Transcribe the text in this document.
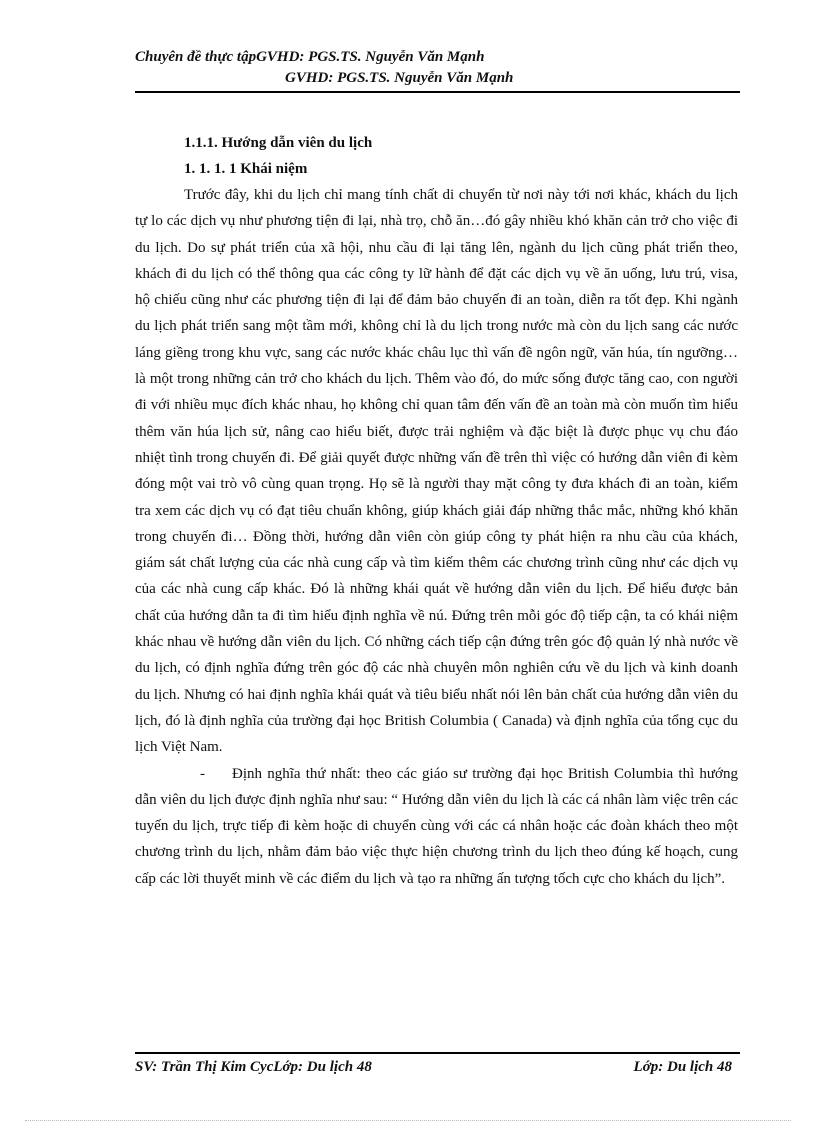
Chuyên đề thực tậpGVHD: PGS.TS. Nguyễn Văn Mạnh
GVHD: PGS.TS. Nguyễn Văn Mạnh

1.1.1. Hướng dẫn viên du lịch

1. 1. 1. 1 Khái niệm

Trước đây, khi du lịch chỉ mang tính chất di chuyển từ nơi này tới nơi khác, khách du lịch tự lo các dịch vụ như phương tiện đi lại, nhà trọ, chỗ ăn…đó gây nhiều khó khăn cản trở cho việc đi du lịch. Do sự phát triển của xã hội, nhu cầu đi lại tăng lên, ngành du lịch cũng phát triển theo, khách đi du lịch có thể thông qua các công ty lữ hành để đặt các dịch vụ về ăn uống, lưu trú, visa, hộ chiếu cũng như các phương tiện đi lại để đảm bảo chuyến đi an toàn, diễn ra tốt đẹp. Khi ngành du lịch phát triển sang một tầm mới, không chỉ là du lịch trong nước mà còn du lịch sang các nước láng giềng trong khu vực, sang các nước khác châu lục thì vấn đề ngôn ngữ, văn húa, tín ngưỡng… là một trong những cản trở cho khách du lịch. Thêm vào đó, do mức sống được tăng cao, con người đi với nhiều mục đích khác nhau, họ không chỉ quan tâm đến vấn đề an toàn mà còn muốn tìm hiểu thêm văn húa lịch sử, nâng cao hiểu biết, được trải nghiệm và đặc biệt là được phục vụ chu đáo nhiệt tình trong chuyến đi. Để giải quyết được những vấn đề trên thì việc có hướng dẫn viên đi kèm đóng một vai trò vô cùng quan trọng. Họ sẽ là người thay mặt công ty đưa khách đi an toàn, kiểm tra xem các dịch vụ có đạt tiêu chuẩn không, giúp khách giải đáp những thắc mắc, những khó khăn trong chuyến đi… Đồng thời, hướng dẫn viên còn giúp công ty phát hiện ra nhu cầu của khách, giám sát chất lượng của các nhà cung cấp và tìm kiếm thêm các chương trình cũng như các dịch vụ của các nhà cung cấp khác. Đó là những khái quát về hướng dẫn viên du lịch. Để hiểu được bản chất của hướng dẫn ta đi tìm hiểu định nghĩa về nú. Đứng trên mỗi góc độ tiếp cận, ta có khái niệm khác nhau về hướng dẫn viên du lịch. Có những cách tiếp cận đứng trên góc độ quản lý nhà nước về du lịch, có định nghĩa đứng trên góc độ các nhà chuyên môn nghiên cứu về du lịch và kinh doanh du lịch. Nhưng có hai định nghĩa khái quát và tiêu biểu nhất nói lên bản chất của hướng dẫn viên du lịch, đó là định nghĩa của trường đại học British Columbia ( Canada) và định nghĩa của tổng cục du lịch Việt Nam.

- Định nghĩa thứ nhất: theo các giáo sư trường đại học British Columbia thì hướng dẫn viên du lịch được định nghĩa như sau: “ Hướng dẫn viên du lịch là các cá nhân làm việc trên các tuyến du lịch, trực tiếp đi kèm hoặc di chuyển cùng với các cá nhân hoặc các đoàn khách theo một chương trình du lịch, nhằm đảm bảo việc thực hiện chương trình du lịch theo đúng kế hoạch, cung cấp các lời thuyết minh về các điểm du lịch và tạo ra những ấn tượng tốch cực cho khách du lịch”.

SV: Trần Thị Kim CycLớp: Du lịch 48	Lớp: Du lịch 48
